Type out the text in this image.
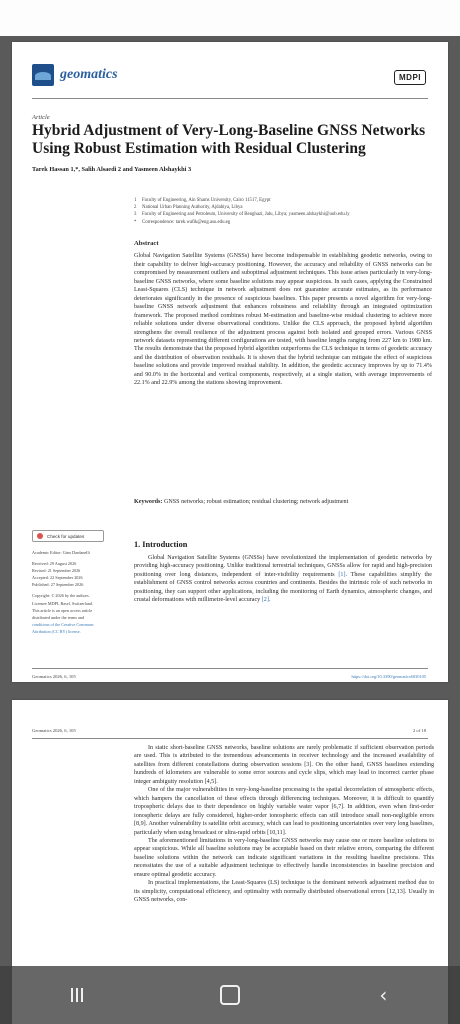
geomatics	MDPI
Article
Hybrid Adjustment of Very-Long-Baseline GNSS Networks Using Robust Estimation with Residual Clustering
Tarek Hassan 1,*, Salih Alsaedi 2 and Yasmeen Alshaykhi 3
1 Faculty of Engineering, Ain Shams University, Cairo 11517, Egypt
2 National Urban Planning Authority, Ajdabiya, Libya
3 Faculty of Engineering and Petroleum, University of Benghazi, Jalu, Libya; yasmeen.alshaykhi@uob.edu.ly
* Correspondence: tarek.wafik@eng.asu.edu.eg
Abstract
Global Navigation Satellite Systems (GNSSs) have become indispensable in establishing geodetic networks, owing to their capability to deliver high-accuracy positioning. However, the accuracy and reliability of GNSS networks can be compromised by measurement outliers and suboptimal adjustment techniques. This issue arises particularly in very-long-baseline GNSS networks, where some baseline solutions may appear suspicious. In such cases, applying the Constrained Least-Squares (CLS) technique in network adjustment does not guarantee accurate estimates, as its performance deteriorates significantly in the presence of suspicious baselines. This paper presents a novel algorithm for very-long-baseline GNSS network adjustment that enhances robustness and reliability through an integrated optimization framework. The proposed method combines robust M-estimation and baseline-wise residual clustering to achieve more reliable solutions under diverse observational conditions. Unlike the CLS approach, the proposed hybrid algorithm strengthens the overall resilience of the adjustment process against both isolated and grouped errors. Various GNSS network datasets representing different configurations are tested, with baseline lengths ranging from 227 km to 1980 km. The results demonstrate that the proposed hybrid algorithm outperforms the CLS technique in terms of geodetic accuracy and the distribution of observation residuals. It is shown that the hybrid technique can mitigate the effect of suspicious baseline solutions and provide improved residual stability. In addition, the geodetic accuracy improves by up to 71.4% and 90.0% in the horizontal and vertical components, respectively, at a single station, with average improvements of 22.1% and 22.9% among the stations showing improvement.
Keywords: GNSS networks; robust estimation; residual clustering; network adjustment
Check for updates
Academic Editor: Gino Dardanelli
Received: 29 August 2026
Revised: 21 September 2026
Accepted: 22 September 2026
Published: 27 September 2026
Copyright: © 2026 by the authors.
Licensee MDPI, Basel, Switzerland.
This article is an open access article
distributed under the terms and
conditions of the Creative Commons
Attribution (CC BY) license.
1. Introduction
Global Navigation Satellite Systems (GNSSs) have revolutionized the implementation of geodetic networks by providing high-accuracy positioning. Unlike traditional terrestrial techniques, GNSSs allow for rapid and high-precision positioning over long distances, independent of inter-visibility requirements [1]. These capabilities simplify the establishment of GNSS control networks across countries and continents. Besides the intrinsic role of such networks in positioning, they can support other applications, including the monitoring of Earth dynamics, atmospheric changes, and crustal deformations with millimetre-level accuracy [2].
Geomatics 2026, 6, 105	https://doi.org/10.3390/geomatics6030105
Geomatics 2026, 6, 105	2 of 18

In static short-baseline GNSS networks, baseline solutions are rarely problematic if sufficient observation periods are used. This is attributed to the tremendous advancements in receiver technology and the increased availability of satellites from different constellations during observation sessions [3]. On the other hand, GNSS baselines extending hundreds of kilometers are vulnerable to some error sources and cycle slips, which may lead to incorrect carrier phase integer ambiguity resolution [4,5].

One of the major vulnerabilities in very-long-baseline processing is the spatial decorrelation of atmospheric effects, which hampers the cancellation of these effects through differencing techniques. Moreover, it is difficult to quantify tropospheric delays due to their dependence on highly variable water vapor [6,7]. In addition, even when first-order ionospheric delays are fully considered, higher-order ionospheric effects can still introduce small non-negligible errors [8,9]. Another vulnerability is satellite orbit accuracy, which can lead to positioning uncertainties over very long baselines, particularly when using broadcast or ultra-rapid orbits [10,11].

The aforementioned limitations in very-long-baseline GNSS networks may cause one or more baseline solutions to appear suspicious. While all baseline solutions may be acceptable based on their relative errors, comparing the different baseline solutions within the network can indicate significant variations in the resulting baseline precisions. This necessitates the use of a suitable adjustment technique to effectively handle inconsistencies in baseline precision and ensure optimal geodetic accuracy.

In practical implementations, the Least-Squares (LS) technique is the dominant network adjustment method due to its simplicity, computational efficiency, and optimality with normally distributed observational errors [12,13]. Usually in GNSS networks, con-

‹
